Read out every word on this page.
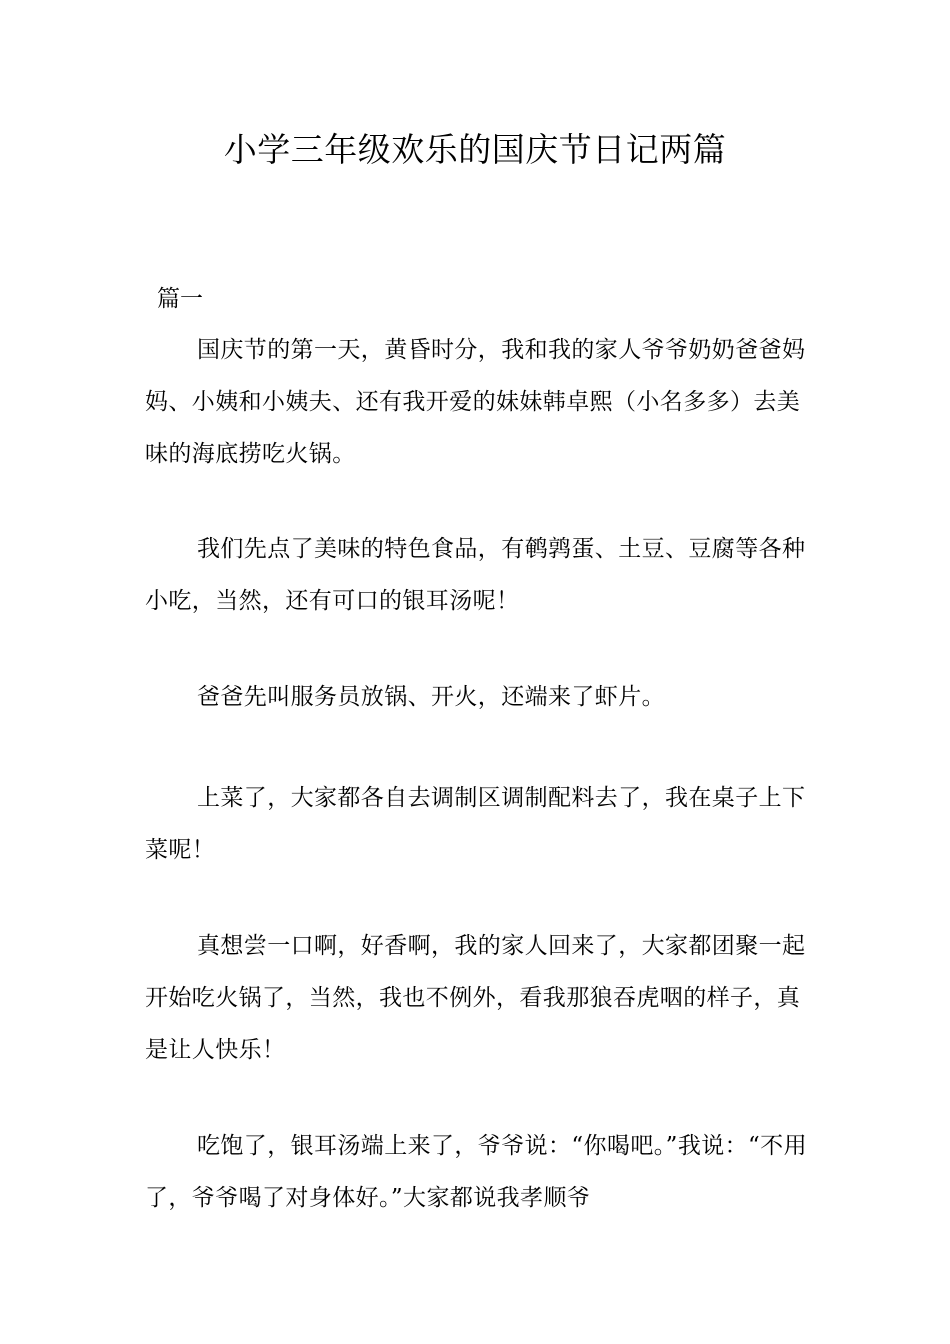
小学三年级欢乐的国庆节日记两篇
篇一

国庆节的第一天，黄昏时分，我和我的家人爷爷奶奶爸爸妈妈、小姨和小姨夫、还有我开爱的妹妹韩卓熙（小名多多）去美味的海底捞吃火锅。

我们先点了美味的特色食品，有鹌鹑蛋、土豆、豆腐等各种小吃，当然，还有可口的银耳汤呢！

爸爸先叫服务员放锅、开火，还端来了虾片。

上菜了，大家都各自去调制区调制配料去了，我在桌子上下菜呢！

真想尝一口啊，好香啊，我的家人回来了，大家都团聚一起开始吃火锅了，当然，我也不例外，看我那狼吞虎咽的样子，真是让人快乐！

吃饱了，银耳汤端上来了，爷爷说：“你喝吧。”我说：“不用了，爷爷喝了对身体好。”大家都说我孝顺爷
